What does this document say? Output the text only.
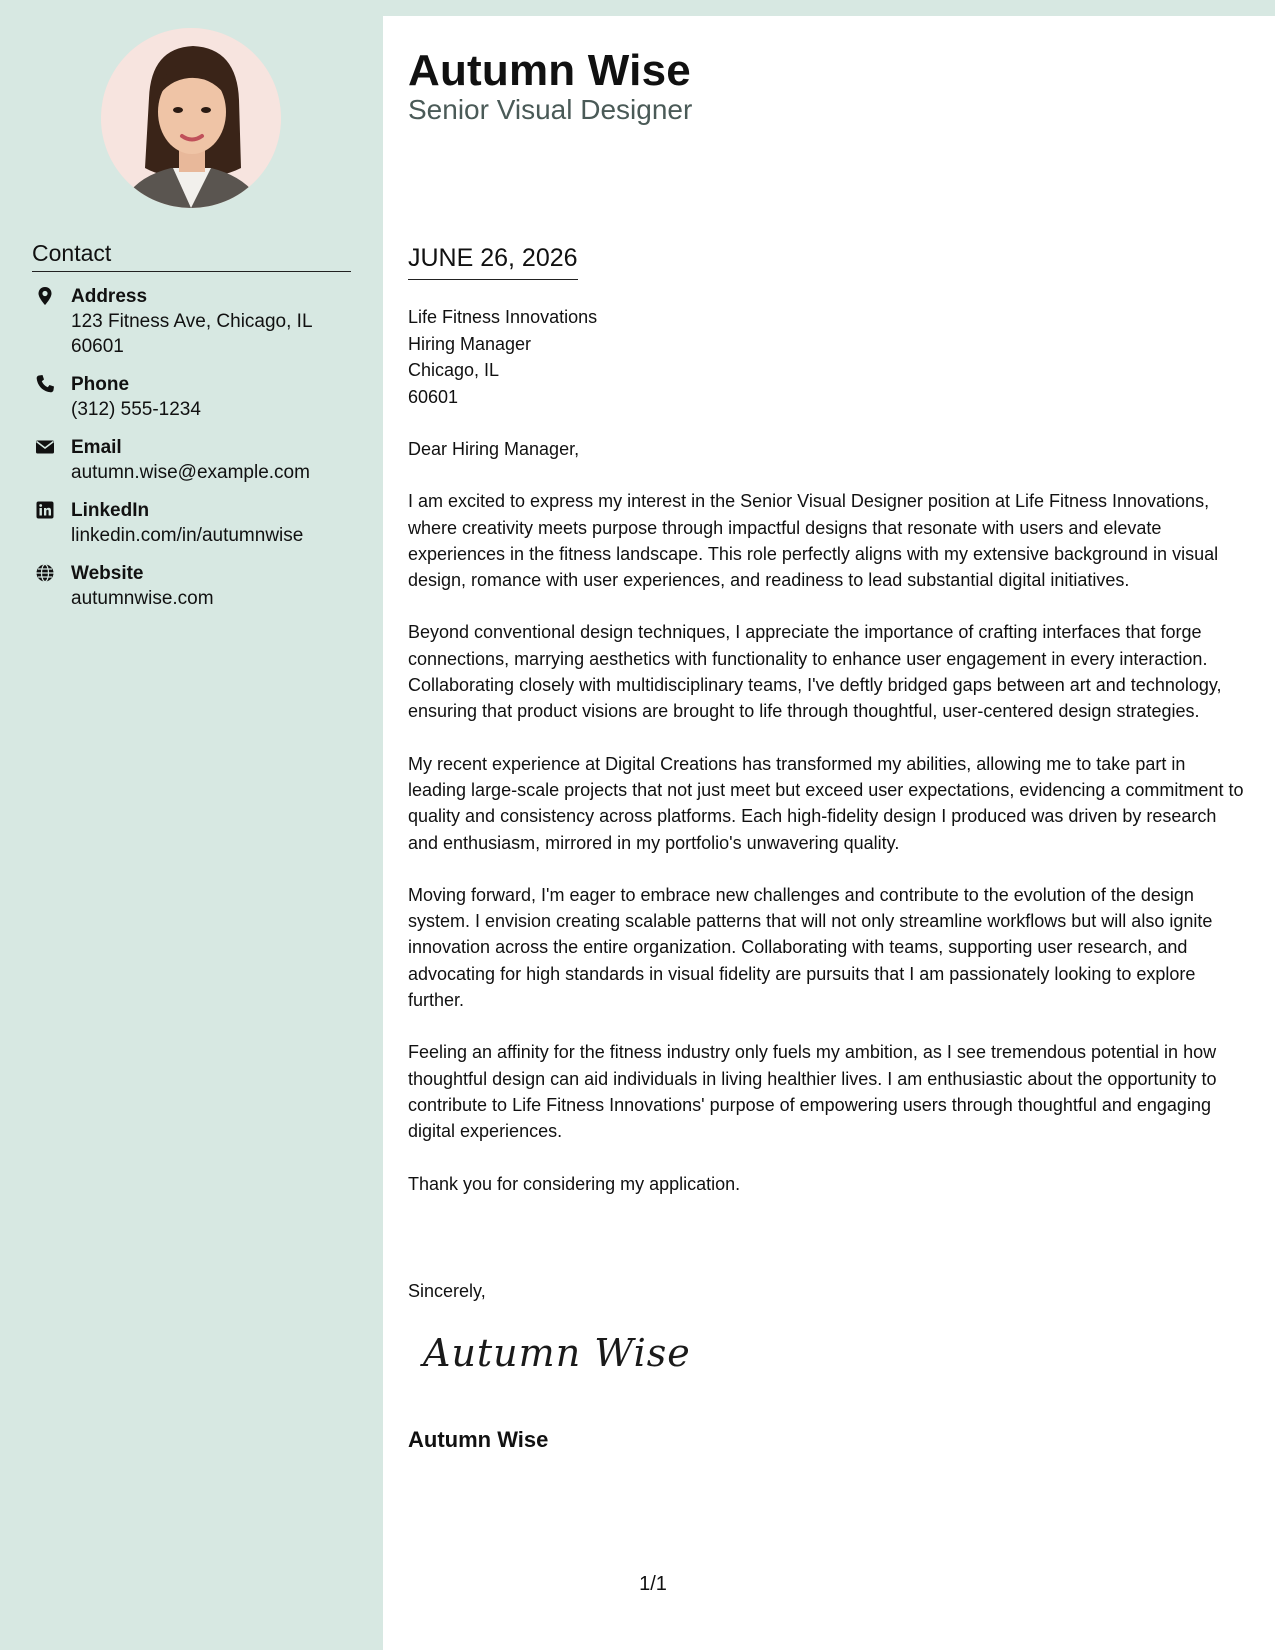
Contact
Address
123 Fitness Ave, Chicago, IL
60601
Phone
(312) 555-1234
Email
autumn.wise@example.com
LinkedIn
linkedin.com/in/autumnwise
Website
autumnwise.com
Autumn Wise
Senior Visual Designer
JUNE 26, 2026
Life Fitness Innovations
Hiring Manager
Chicago, IL
60601

Dear Hiring Manager,

I am excited to express my interest in the Senior Visual Designer position at Life Fitness Innovations, where creativity meets purpose through impactful designs that resonate with users and elevate experiences in the fitness landscape. This role perfectly aligns with my extensive background in visual design, romance with user experiences, and readiness to lead substantial digital initiatives.

Beyond conventional design techniques, I appreciate the importance of crafting interfaces that forge connections, marrying aesthetics with functionality to enhance user engagement in every interaction. Collaborating closely with multidisciplinary teams, I've deftly bridged gaps between art and technology, ensuring that product visions are brought to life through thoughtful, user-centered design strategies.

My recent experience at Digital Creations has transformed my abilities, allowing me to take part in leading large-scale projects that not just meet but exceed user expectations, evidencing a commitment to quality and consistency across platforms. Each high-fidelity design I produced was driven by research and enthusiasm, mirrored in my portfolio's unwavering quality.

Moving forward, I'm eager to embrace new challenges and contribute to the evolution of the design system. I envision creating scalable patterns that will not only streamline workflows but will also ignite innovation across the entire organization. Collaborating with teams, supporting user research, and advocating for high standards in visual fidelity are pursuits that I am passionately looking to explore further.

Feeling an affinity for the fitness industry only fuels my ambition, as I see tremendous potential in how thoughtful design can aid individuals in living healthier lives. I am enthusiastic about the opportunity to contribute to Life Fitness Innovations' purpose of empowering users through thoughtful and engaging digital experiences.

Thank you for considering my application.

Sincerely,
Autumn Wise
Autumn Wise
1/1
